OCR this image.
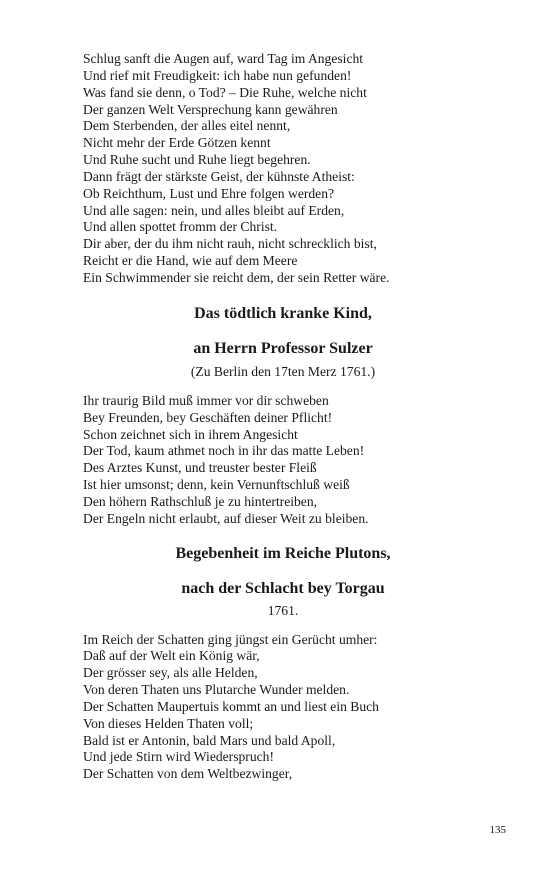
Schlug sanft die Augen auf, ward Tag im Angesicht
Und rief mit Freudigkeit: ich habe nun gefunden!
Was fand sie denn, o Tod? – Die Ruhe, welche nicht
Der ganzen Welt Versprechung kann gewähren
Dem Sterbenden, der alles eitel nennt,
Nicht mehr der Erde Götzen kennt
Und Ruhe sucht und Ruhe liegt begehren.
Dann frägt der stärkste Geist, der kühnste Atheist:
Ob Reichthum, Lust und Ehre folgen werden?
Und alle sagen: nein, und alles bleibt auf Erden,
Und allen spottet fromm der Christ.
Dir aber, der du ihm nicht rauh, nicht schrecklich bist,
Reicht er die Hand, wie auf dem Meere
Ein Schwimmender sie reicht dem, der sein Retter wäre.
Das tödtlich kranke Kind,
an Herrn Professor Sulzer
(Zu Berlin den 17ten Merz 1761.)
Ihr traurig Bild muß immer vor dir schweben
Bey Freunden, bey Geschäften deiner Pflicht!
Schon zeichnet sich in ihrem Angesicht
Der Tod, kaum athmet noch in ihr das matte Leben!
Des Arztes Kunst, und treuster bester Fleiß
Ist hier umsonst; denn, kein Vernunftschluß weiß
Den höhern Rathschluß je zu hintertreiben,
Der Engeln nicht erlaubt, auf dieser Weit zu bleiben.
Begebenheit im Reiche Plutons,
nach der Schlacht bey Torgau
1761.
Im Reich der Schatten ging jüngst ein Gerücht umher:
Daß auf der Welt ein König wär,
Der grösser sey, als alle Helden,
Von deren Thaten uns Plutarche Wunder melden.
Der Schatten Maupertuis kommt an und liest ein Buch
Von dieses Helden Thaten voll;
Bald ist er Antonin, bald Mars und bald Apoll,
Und jede Stirn wird Wiederspruch!
Der Schatten von dem Weltbezwinger,
135
